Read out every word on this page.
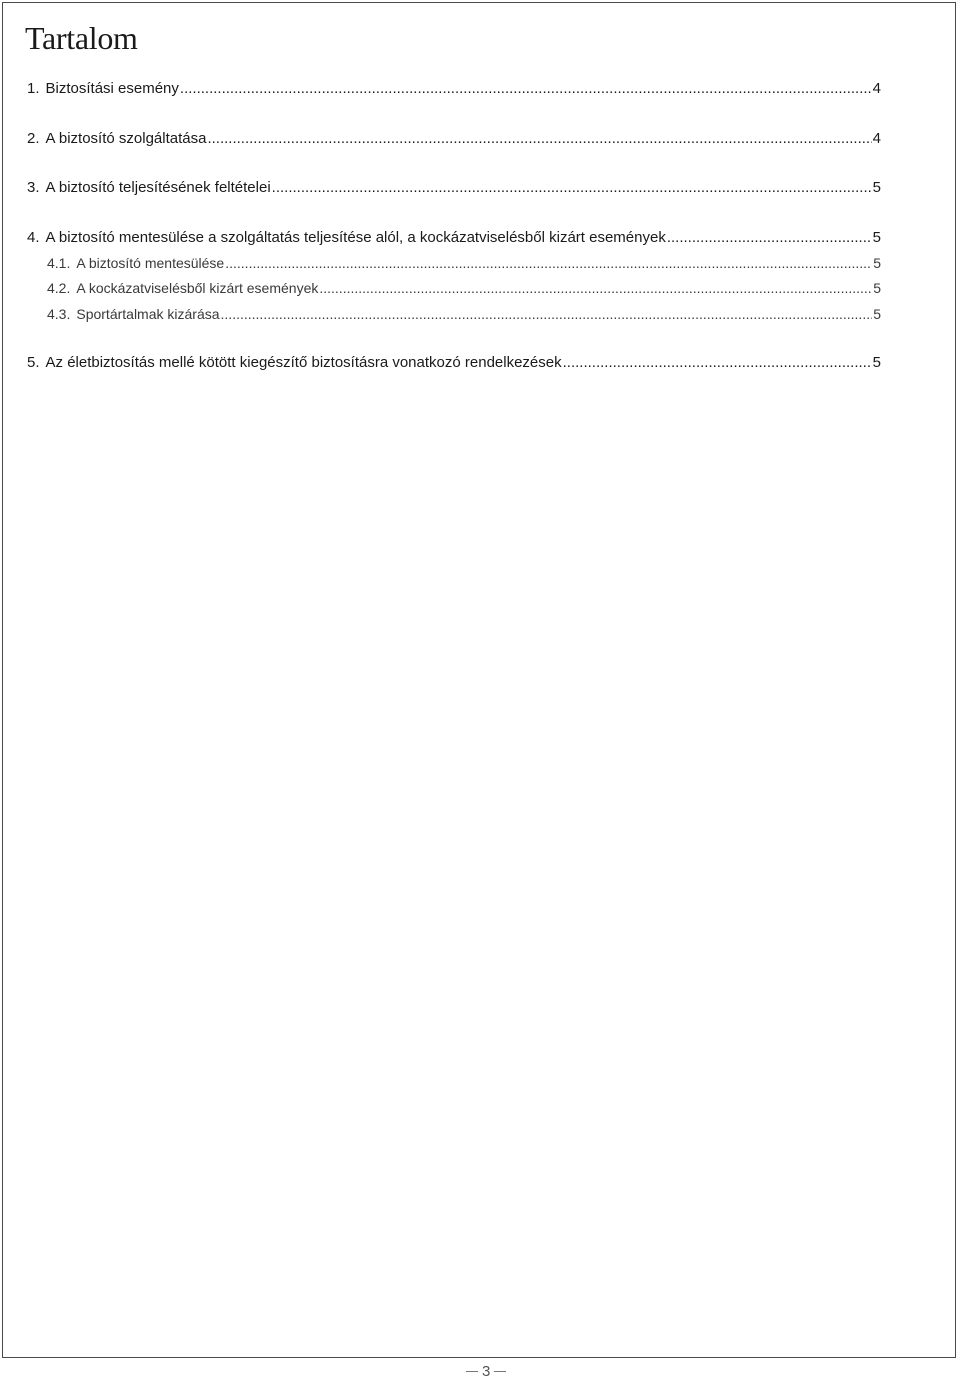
Tartalom
1. Biztosítási esemény .....	4
2. A biztosító szolgáltatása .....	4
3. A biztosító teljesítésének feltételei .....	5
4. A biztosító mentesülése a szolgáltatás teljesítése alól, a kockázatviselésből kizárt események .....	5
4.1. A biztosító mentesülése .....	5
4.2. A kockázatviselésből kizárt események .....	5
4.3. Sportártalmak kizárása .....	5
5. Az életbiztosítás mellé kötött kiegészítő biztosításra vonatkozó rendelkezések .....	5
3
